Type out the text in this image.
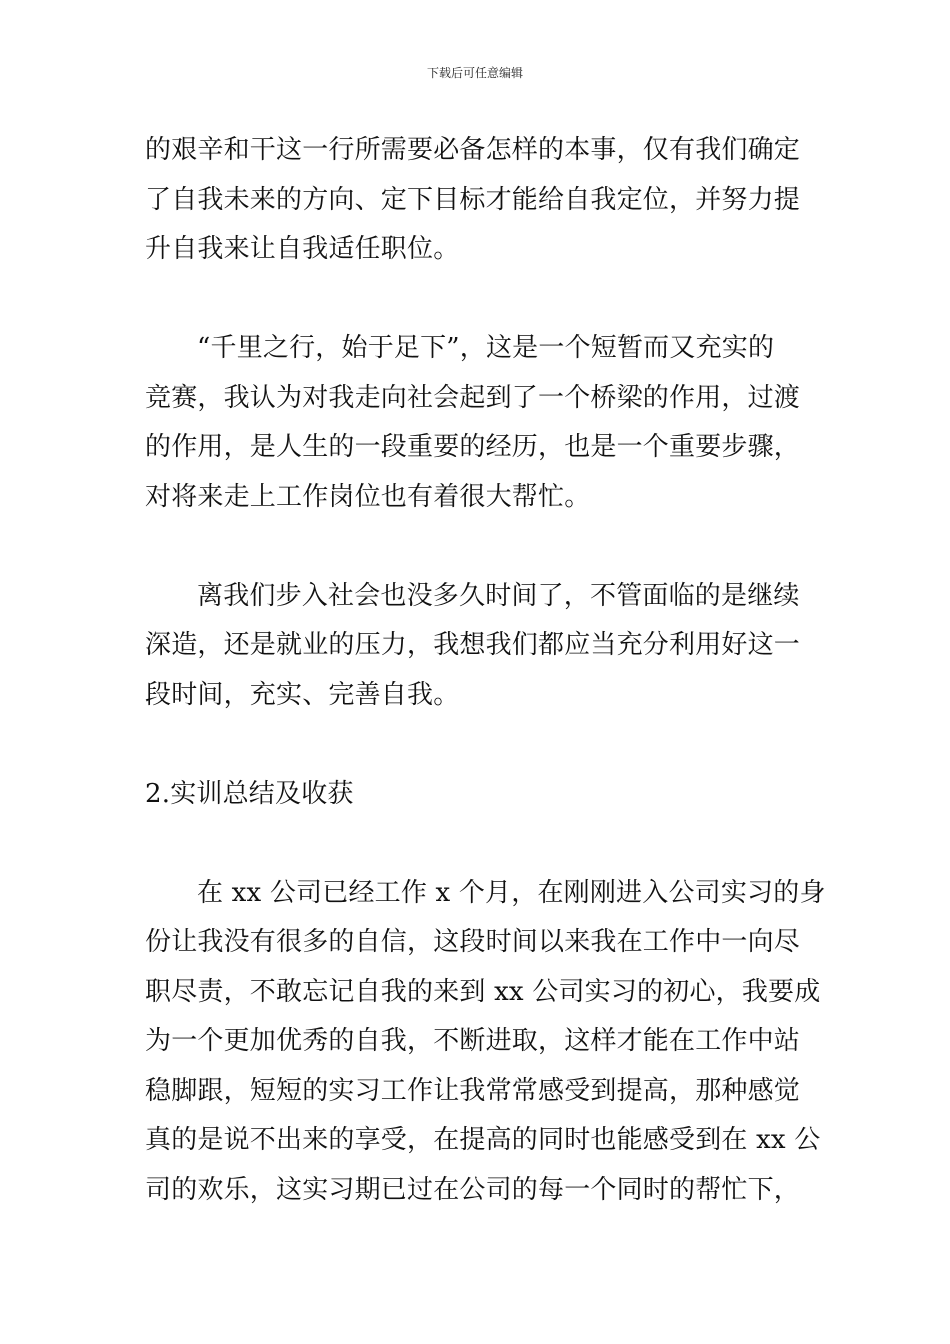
下载后可任意编辑
的艰辛和干这一行所需要必备怎样的本事，仅有我们确定
了自我未来的方向、定下目标才能给自我定位，并努力提
升自我来让自我适任职位。
“千里之行，始于足下”，这是一个短暂而又充实的
竞赛，我认为对我走向社会起到了一个桥梁的作用，过渡
的作用，是人生的一段重要的经历，也是一个重要步骤，
对将来走上工作岗位也有着很大帮忙。
离我们步入社会也没多久时间了，不管面临的是继续
深造，还是就业的压力，我想我们都应当充分利用好这一
段时间，充实、完善自我。
2.实训总结及收获
在 xx 公司已经工作 x 个月，在刚刚进入公司实习的身
份让我没有很多的自信，这段时间以来我在工作中一向尽
职尽责，不敢忘记自我的来到 xx 公司实习的初心，我要成
为一个更加优秀的自我，不断进取，这样才能在工作中站
稳脚跟，短短的实习工作让我常常感受到提高，那种感觉
真的是说不出来的享受，在提高的同时也能感受到在 xx 公
司的欢乐，这实习期已过在公司的每一个同时的帮忙下，
